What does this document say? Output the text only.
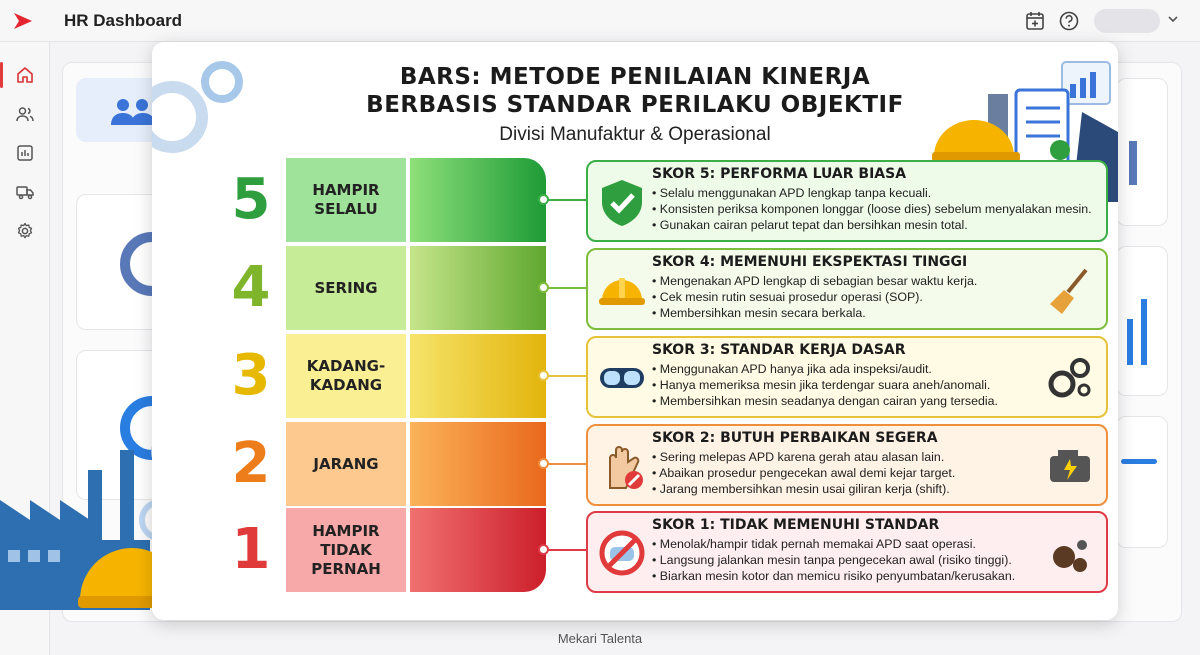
HR Dashboard
Mekari Talenta
BARS: METODE PENILAIAN KINERJA
BERBASIS STANDAR PERILAKU OBJEKTIF
Divisi Manufaktur & Operasional
5	HAMPIR
SELALU
SKOR 5: PERFORMA LUAR BIASA
• Selalu menggunakan APD lengkap tanpa kecuali.
• Konsisten periksa komponen longgar (loose dies) sebelum menyalakan mesin.
• Gunakan cairan pelarut tepat dan bersihkan mesin total.
4	SERING
SKOR 4: MEMENUHI EKSPEKTASI TINGGI
• Mengenakan APD lengkap di sebagian besar waktu kerja.
• Cek mesin rutin sesuai prosedur operasi (SOP).
• Membersihkan mesin secara berkala.
3	KADANG-
KADANG
SKOR 3: STANDAR KERJA DASAR
• Menggunakan APD hanya jika ada inspeksi/audit.
• Hanya memeriksa mesin jika terdengar suara aneh/anomali.
• Membersihkan mesin seadanya dengan cairan yang tersedia.
2	JARANG
SKOR 2: BUTUH PERBAIKAN SEGERA
• Sering melepas APD karena gerah atau alasan lain.
• Abaikan prosedur pengecekan awal demi kejar target.
• Jarang membersihkan mesin usai giliran kerja (shift).
1	HAMPIR
TIDAK
PERNAH
SKOR 1: TIDAK MEMENUHI STANDAR
• Menolak/hampir tidak pernah memakai APD saat operasi.
• Langsung jalankan mesin tanpa pengecekan awal (risiko tinggi).
• Biarkan mesin kotor dan memicu risiko penyumbatan/kerusakan.
